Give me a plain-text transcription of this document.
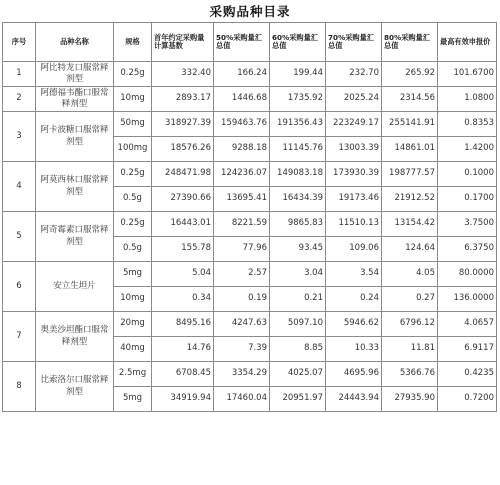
采购品种目录
序号	品种名称	规格	首年约定采购量计算基数	50%采购量汇总值	60%采购量汇总值	70%采购量汇总值	80%采购量汇总值	最高有效申报价

1	阿比特龙口服常释剂型	0.25g	332.40	166.24	199.44	232.70	265.92	101.6700
2	阿德福韦酯口服常释剂型	10mg	2893.17	1446.68	1735.92	2025.24	2314.56	1.0800
3	阿卡波糖口服常释剂型	50mg	318927.39	159463.76	191356.43	223249.17	255141.91	0.8353
		100mg	18576.26	9288.18	11145.76	13003.39	14861.01	1.4200
4	阿莫西林口服常释剂型	0.25g	248471.98	124236.07	149083.18	173930.39	198777.57	0.1000
		0.5g	27390.66	13695.41	16434.39	19173.46	21912.52	0.1700
5	阿奇霉素口服常释剂型	0.25g	16443.01	8221.59	9865.83	11510.13	13154.42	3.7500
		0.5g	155.78	77.96	93.45	109.06	124.64	6.3750
6	安立生坦片	5mg	5.04	2.57	3.04	3.54	4.05	80.0000
		10mg	0.34	0.19	0.21	0.24	0.27	136.0000
7	奥美沙坦酯口服常释剂型	20mg	8495.16	4247.63	5097.10	5946.62	6796.12	4.0657
		40mg	14.76	7.39	8.85	10.33	11.81	6.9117
8	比索洛尔口服常释剂型	2.5mg	6708.45	3354.29	4025.07	4695.96	5366.76	0.4235
		5mg	34919.94	17460.04	20951.97	24443.94	27935.90	0.7200
